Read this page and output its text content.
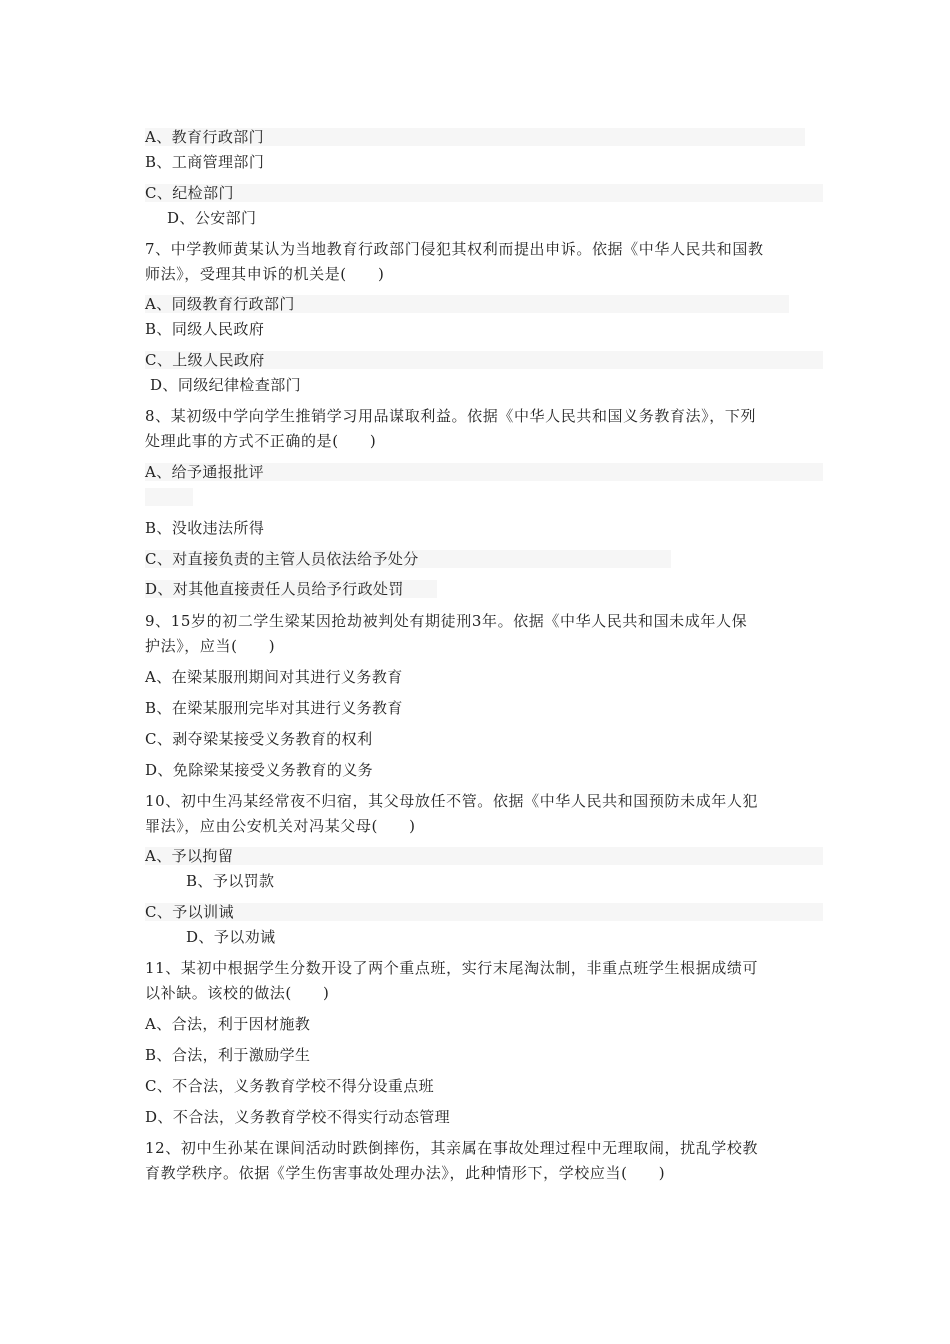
A、教育行政部门
B、工商管理部门
C、纪检部门
D、公安部门
7、中学教师黄某认为当地教育行政部门侵犯其权利而提出申诉。依据《中华人民共和国教
师法》，受理其申诉的机关是(　　)
A、同级教育行政部门
B、同级人民政府
C、上级人民政府
D、同级纪律检查部门
8、某初级中学向学生推销学习用品谋取利益。依据《中华人民共和国义务教育法》，下列
处理此事的方式不正确的是(　　)
A、给予通报批评
B、没收违法所得
C、对直接负责的主管人员依法给予处分
D、对其他直接责任人员给予行政处罚
9、15岁的初二学生梁某因抢劫被判处有期徒刑3年。依据《中华人民共和国未成年人保
护法》，应当(　　)
A、在梁某服刑期间对其进行义务教育
B、在梁某服刑完毕对其进行义务教育
C、剥夺梁某接受义务教育的权利
D、免除梁某接受义务教育的义务
10、初中生冯某经常夜不归宿，其父母放任不管。依据《中华人民共和国预防未成年人犯
罪法》，应由公安机关对冯某父母(　　)
A、予以拘留
B、予以罚款
C、予以训诫
D、予以劝诫
11、某初中根据学生分数开设了两个重点班，实行末尾淘汰制，非重点班学生根据成绩可
以补缺。该校的做法(　　)
A、合法，利于因材施教
B、合法，利于激励学生
C、不合法，义务教育学校不得分设重点班
D、不合法，义务教育学校不得实行动态管理
12、初中生孙某在课间活动时跌倒摔伤，其亲属在事故处理过程中无理取闹，扰乱学校教
育教学秩序。依据《学生伤害事故处理办法》，此种情形下，学校应当(　　)
